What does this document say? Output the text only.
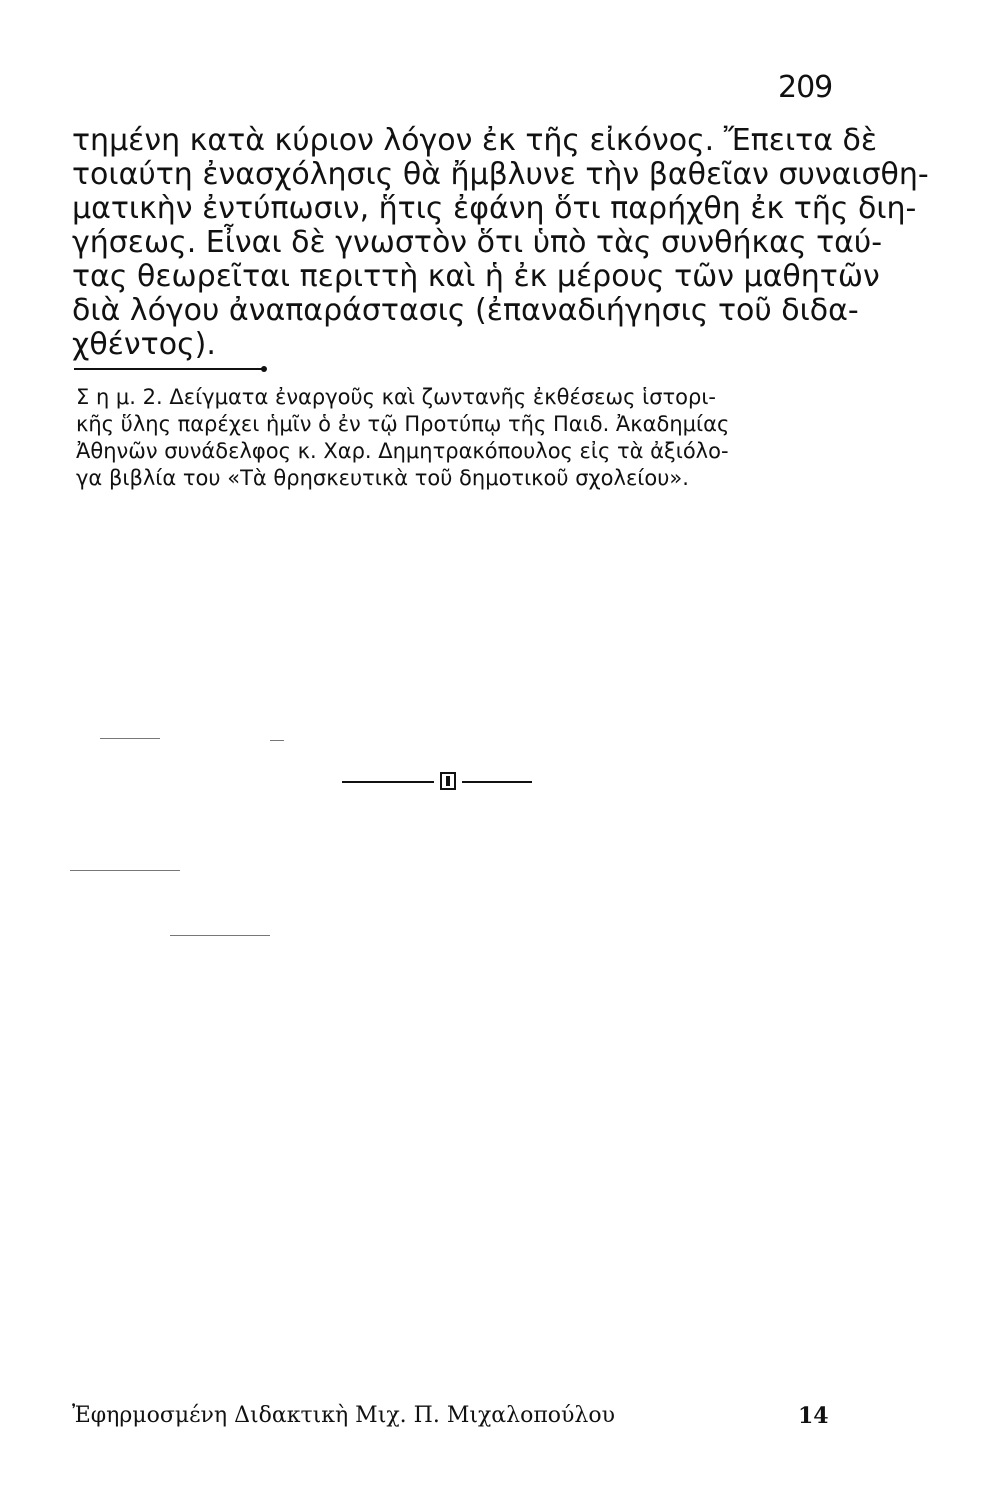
209
τημένη κατὰ κύριον λόγον ἐκ τῆς εἰκόνος. Ἔπειτα δὲ
τοιαύτη ἐνασχόλησις θὰ ἤμβλυνε τὴν βαθεῖαν συναισθη-
ματικὴν ἐντύπωσιν, ἥτις ἐφάνη ὅτι παρήχθη ἐκ τῆς διη-
γήσεως. Εἶναι δὲ γνωστὸν ὅτι ὑπὸ τὰς συνθήκας ταύ-
τας θεωρεῖται περιττὴ καὶ ἡ ἐκ μέρους τῶν μαθητῶν
διὰ λόγου ἀναπαράστασις (ἐπαναδιήγησις τοῦ διδα-
χθέντος).
Σ η μ. 2. Δείγματα ἐναργοῦς καὶ ζωντανῆς ἐκθέσεως ἱστορι-
κῆς ὕλης παρέχει ἡμῖν ὁ ἐν τῷ Προτύπῳ τῆς Παιδ. Ἀκαδημίας
Ἀθηνῶν συνάδελφος κ. Χαρ. Δημητρακόπουλος εἰς τὰ ἀξιόλο-
γα βιβλία του «Τὰ θρησκευτικὰ τοῦ δημοτικοῦ σχολείου».
Ἐφηρμοσμένη Διδακτικὴ Μιχ. Π. Μιχαλοπούλου	14
